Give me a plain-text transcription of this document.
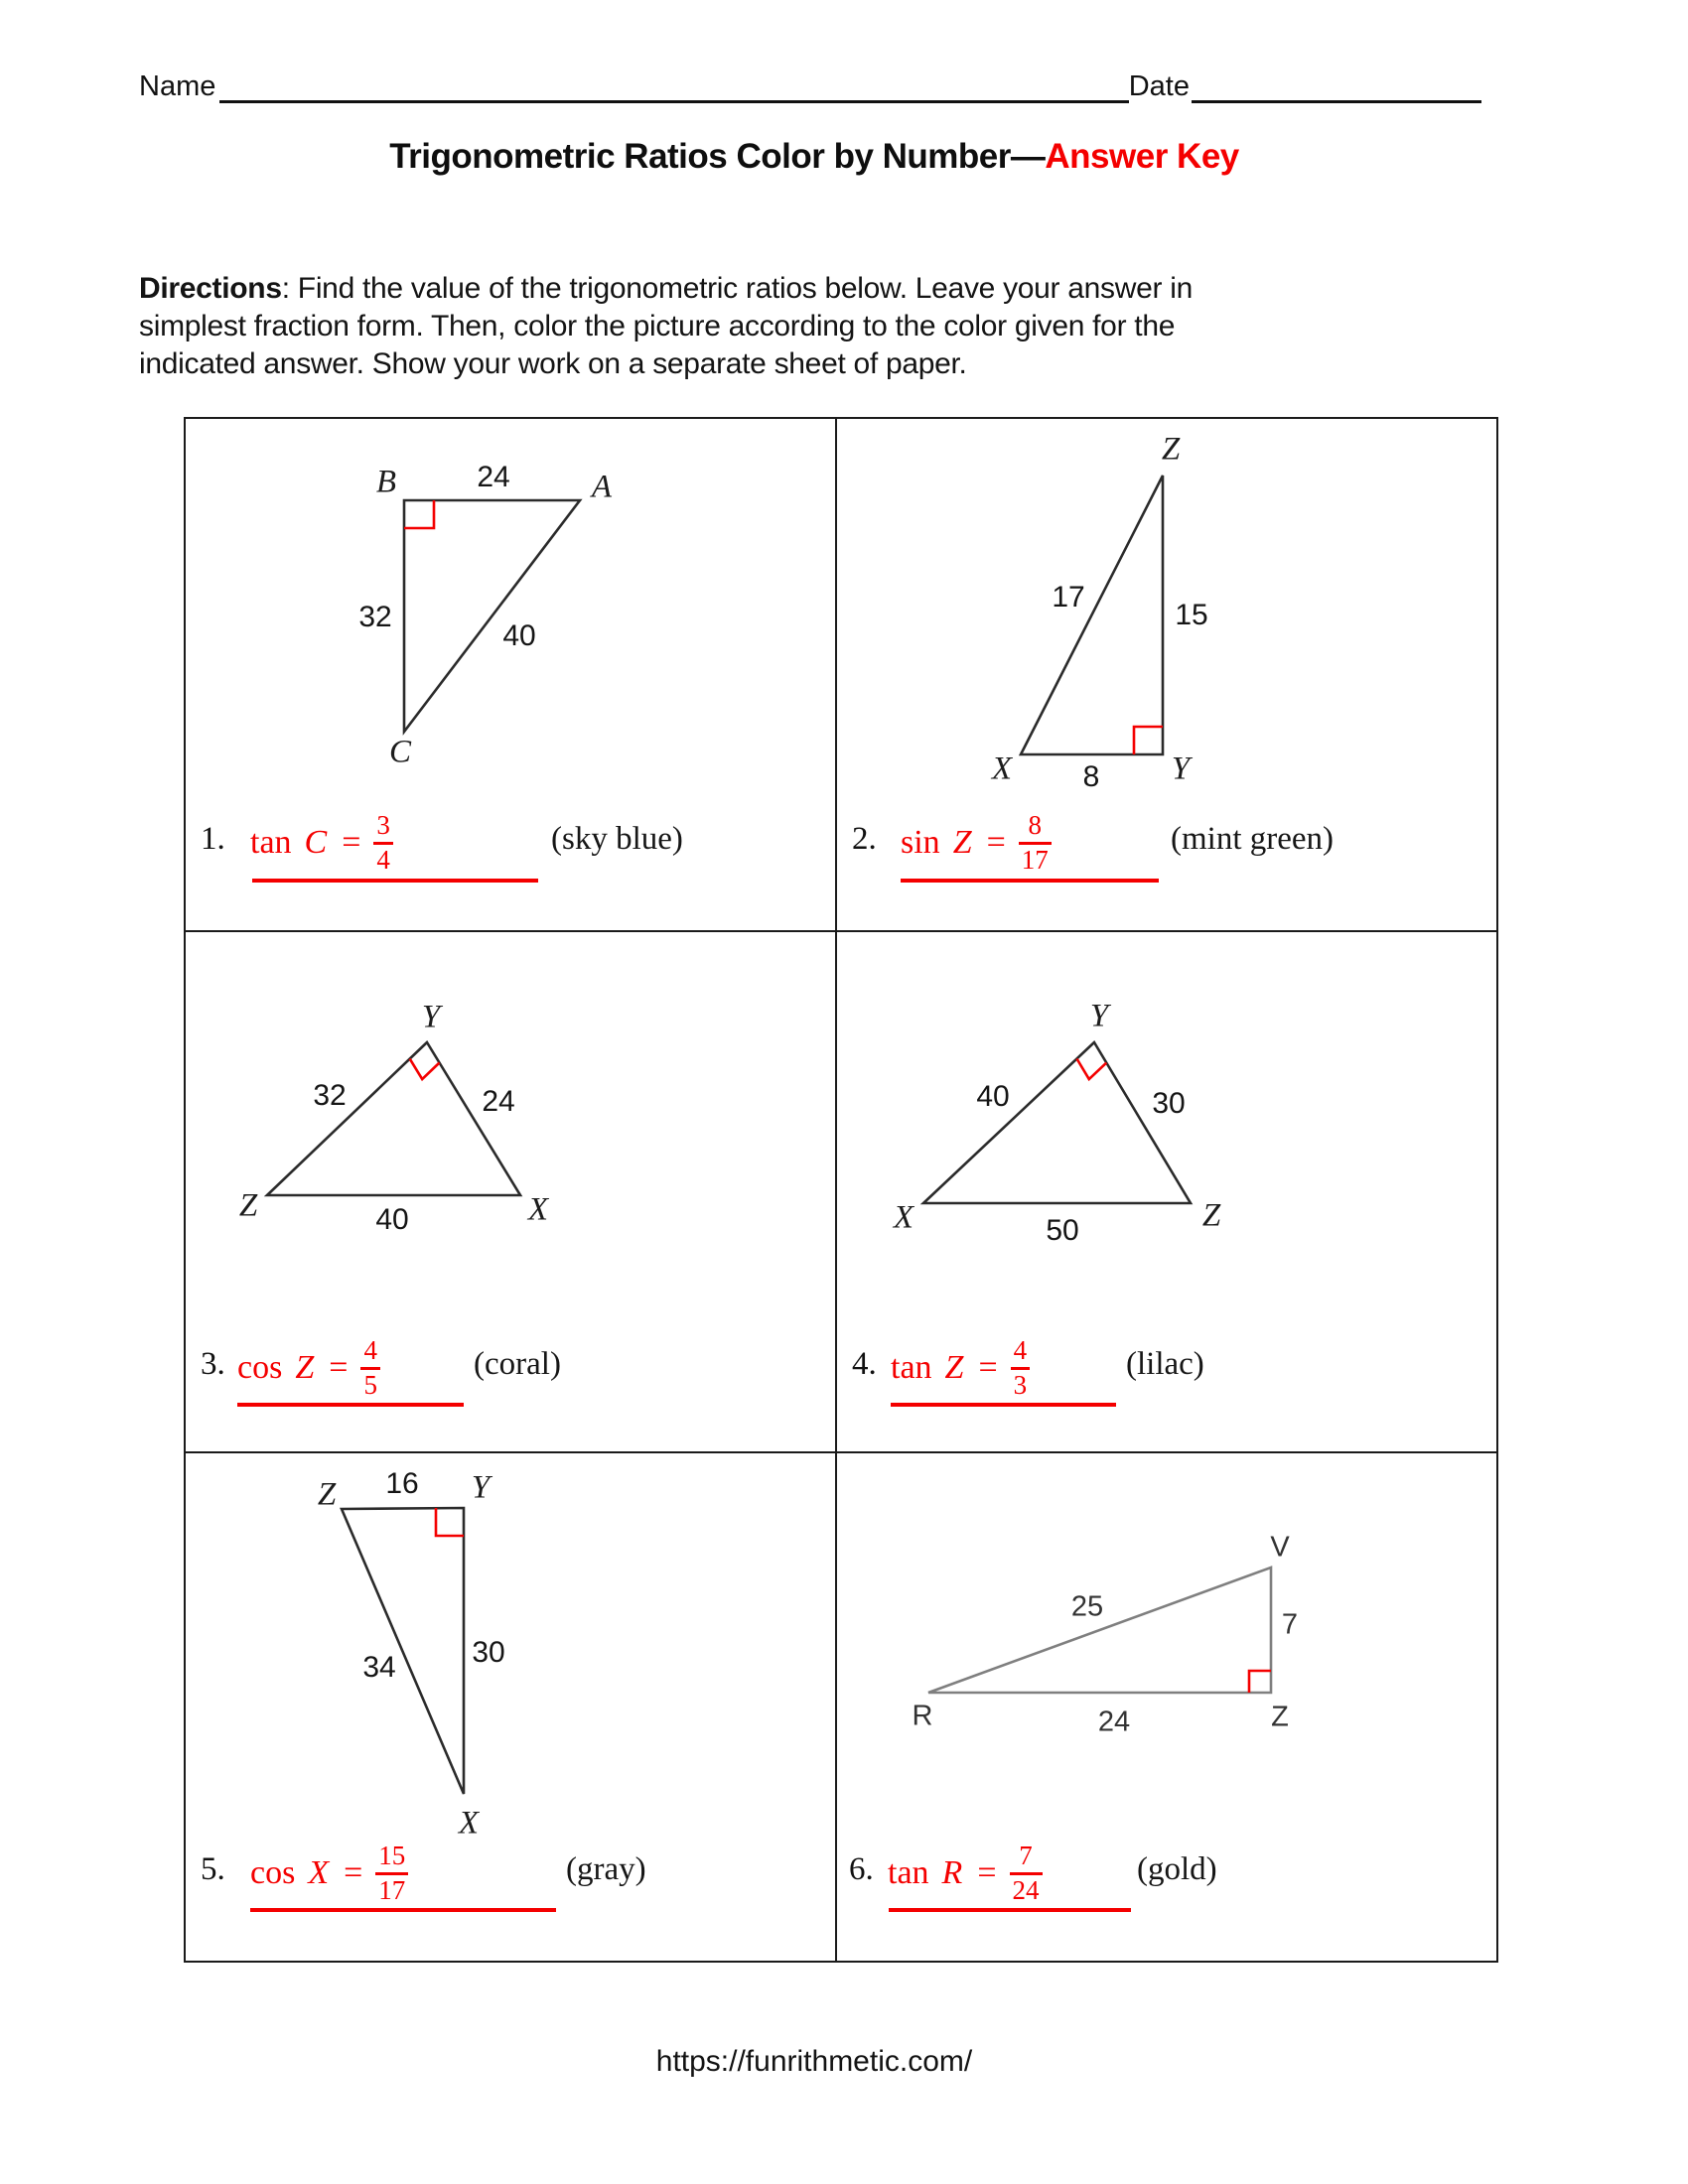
Name	Date
Trigonometric Ratios Color by Number—Answer Key
Directions: Find the value of the trigonometric ratios below. Leave your answer in
simplest fraction form. Then, color the picture according to the color given for the
indicated answer. Show your work on a separate sheet of paper.
B	24 A
32
40
C
1. $\tan C = \frac{3}{4}$	(sky blue)
Z
17
15
X 8 Y
2. $\sin Z = \frac{8}{17}$	(mint green)
Y
32	24
Z	40	X
3. $\cos Z = \frac{4}{5}$	(coral)
Y
40	30
X	50	Z
4. $\tan Z = \frac{4}{3}$	(lilac)
Z 16 Y
34	30
X
5. $\cos X = \frac{15}{17}$	(gray)
V
25
7
R	24	Z
6. $\tan R = \frac{7}{24}$	(gold)
https://funrithmetic.com/
